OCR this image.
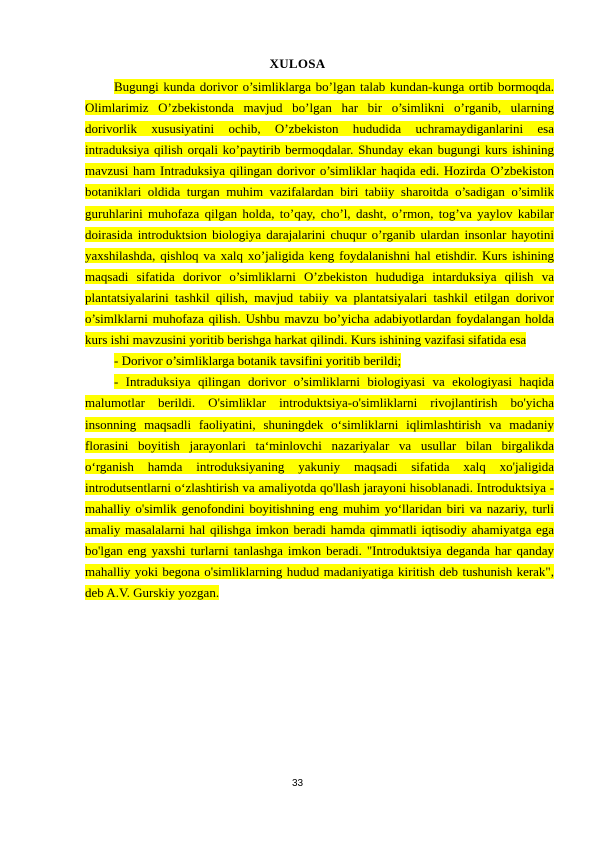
XULOSA

Bugungi kunda dorivor o’simliklarga bo’lgan talab kundan-kunga ortib bormoqda. Olimlarimiz O’zbekistonda mavjud bo’lgan har bir o’simlikni o’rganib, ularning dorivorlik xususiyatini ochib, O’zbekiston hududida uchramaydiganlarini esa intraduksiya qilish orqali ko’paytirib bermoqdalar. Shunday ekan bugungi kurs ishining mavzusi ham Intraduksiya qilingan dorivor o’simliklar haqida edi. Hozirda O’zbekiston botaniklari oldida turgan muhim vazifalardan biri tabiiy sharoitda o’sadigan o’simlik guruhlarini muhofaza qilgan holda, to’qay, cho’l, dasht, o’rmon, tog’va yaylov kabilar doirasida introduktsion biologiya darajalarini chuqur o’rganib ulardan insonlar hayotini yaxshilashda, qishloq va xalq xo’jaligida keng foydalanishni hal etishdir. Kurs ishining maqsadi sifatida dorivor o’simliklarni O’zbekiston hududiga intarduksiya qilish va plantatsiyalarini tashkil qilish, mavjud tabiiy va plantatsiyalari tashkil etilgan dorivor o’simlklarni muhofaza qilish. Ushbu mavzu bo’yicha adabiyotlardan foydalangan holda kurs ishi mavzusini yoritib berishga harkat qilindi. Kurs ishining vazifasi sifatida esa

- Dorivor o’simliklarga botanik tavsifini yoritib berildi;

- Intraduksiya qilingan dorivor o’simliklarni biologiyasi va ekologiyasi haqida malumotlar berildi. O'simliklar introduktsiya-o'simliklarni rivojlantirish bo'yicha insonning maqsadli faoliyatini, shuningdek o‘simliklarni iqlimlashtirish va madaniy florasini boyitish jarayonlari ta‘minlovchi nazariyalar va usullar bilan birgalikda o‘rganish hamda introduksiyaning yakuniy maqsadi sifatida xalq xo'jaligida introdutsentlarni o‘zlashtirish va amaliyotda qo'llash jarayoni hisoblanadi. Introduktsiya - mahalliy o'simlik genofondini boyitishning eng muhim yo‘llaridan biri va nazariy, turli amaliy masalalarni hal qilishga imkon beradi hamda qimmatli iqtisodiy ahamiyatga ega bo'lgan eng yaxshi turlarni tanlashga imkon beradi. "Introduktsiya deganda har qanday mahalliy yoki begona o'simliklarning hudud madaniyatiga kiritish deb tushunish kerak", deb A.V. Gurskiy yozgan.

33
